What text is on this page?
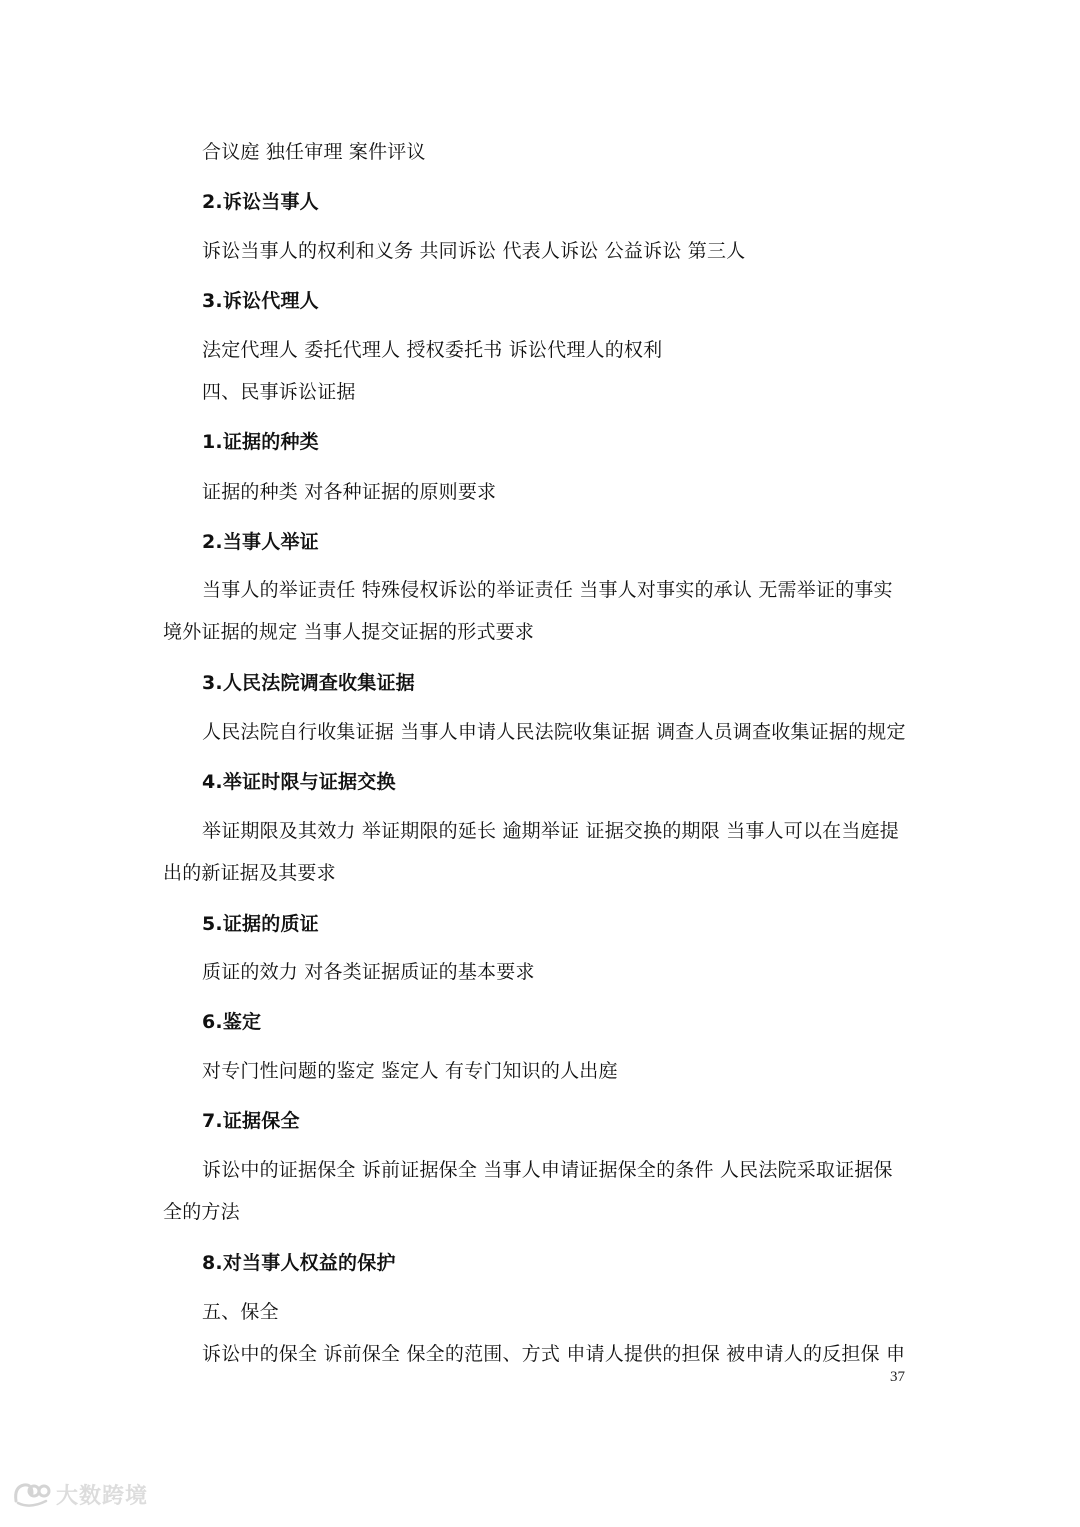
合议庭 独任审理 案件评议
2.诉讼当事人
诉讼当事人的权利和义务 共同诉讼 代表人诉讼 公益诉讼 第三人
3.诉讼代理人
法定代理人 委托代理人 授权委托书 诉讼代理人的权利
四、民事诉讼证据
1.证据的种类
证据的种类 对各种证据的原则要求
2.当事人举证
当事人的举证责任 特殊侵权诉讼的举证责任 当事人对事实的承认 无需举证的事实
境外证据的规定 当事人提交证据的形式要求
3.人民法院调查收集证据
人民法院自行收集证据 当事人申请人民法院收集证据 调查人员调查收集证据的规定
4.举证时限与证据交换
举证期限及其效力 举证期限的延长 逾期举证 证据交换的期限 当事人可以在当庭提
出的新证据及其要求
5.证据的质证
质证的效力 对各类证据质证的基本要求
6.鉴定
对专门性问题的鉴定 鉴定人 有专门知识的人出庭
7.证据保全
诉讼中的证据保全 诉前证据保全 当事人申请证据保全的条件 人民法院采取证据保
全的方法
8.对当事人权益的保护
五、保全
诉讼中的保全 诉前保全 保全的范围、方式 申请人提供的担保 被申请人的反担保 申
37
大数跨境
